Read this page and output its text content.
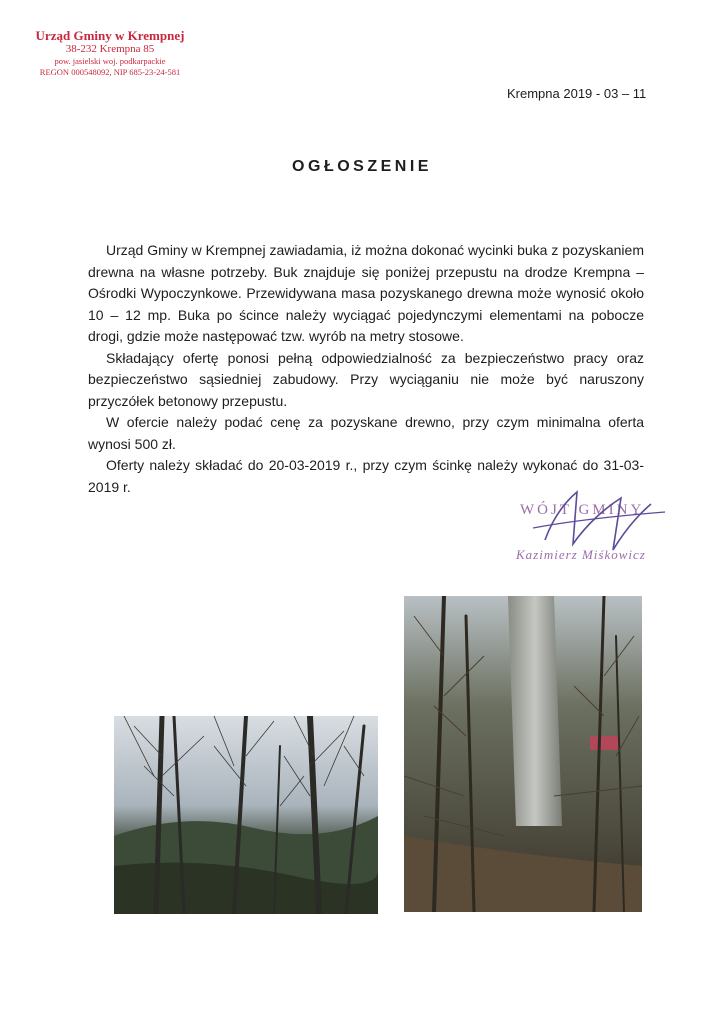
Urząd Gminy w Krempnej
38-232 Krempna 85
pow. jasielski woj. podkarpackie
REGON 000548092, NIP 685-23-24-581
Krempna 2019 - 03 – 11
OGŁOSZENIE

Urząd Gminy w Krempnej zawiadamia, iż można dokonać wycinki buka z pozyskaniem drewna na własne potrzeby. Buk znajduje się poniżej przepustu na drodze Krempna – Ośrodki Wypoczynkowe. Przewidywana masa pozyskanego drewna może wynosić około 10 – 12 mp. Buka po ścince należy wyciągać pojedynczymi elementami na pobocze drogi, gdzie może następować tzw. wyrób na metry stosowe.

Składający ofertę ponosi pełną odpowiedzialność za bezpieczeństwo pracy oraz bezpieczeństwo sąsiedniej zabudowy. Przy wyciąganiu nie może być naruszony przyczółek betonowy przepustu.

W ofercie należy podać cenę za pozyskane drewno, przy czym minimalna oferta wynosi 500 zł.

Oferty należy składać do 20-03-2019 r., przy czym ścinkę należy wykonać do 31-03-2019 r.

WÓJT GMINY
Kazimierz Miśkowicz
